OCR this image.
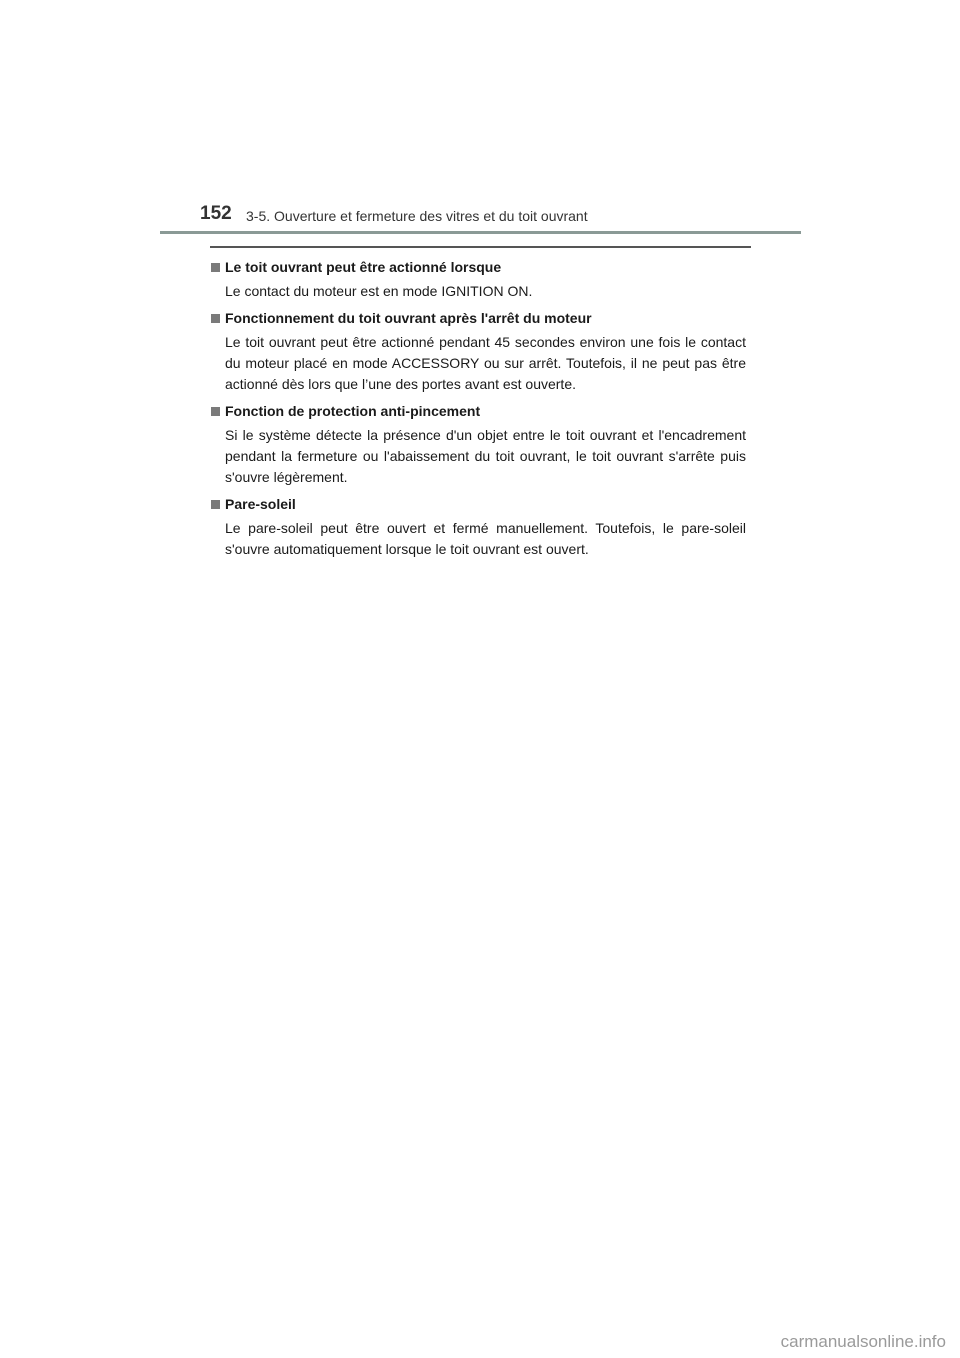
152 3-5. Ouverture et fermeture des vitres et du toit ouvrant
Le toit ouvrant peut être actionné lorsque
Le contact du moteur est en mode IGNITION ON.
Fonctionnement du toit ouvrant après l'arrêt du moteur
Le toit ouvrant peut être actionné pendant 45 secondes environ une fois le contact du moteur placé en mode ACCESSORY ou sur arrêt. Toutefois, il ne peut pas être actionné dès lors que l’une des portes avant est ouverte.
Fonction de protection anti-pincement
Si le système détecte la présence d'un objet entre le toit ouvrant et l'encadrement pendant la fermeture ou l'abaissement du toit ouvrant, le toit ouvrant s'arrête puis s'ouvre légèrement.
Pare-soleil
Le pare-soleil peut être ouvert et fermé manuellement. Toutefois, le pare-soleil s'ouvre automatiquement lorsque le toit ouvrant est ouvert.
carmanualsonline.info
